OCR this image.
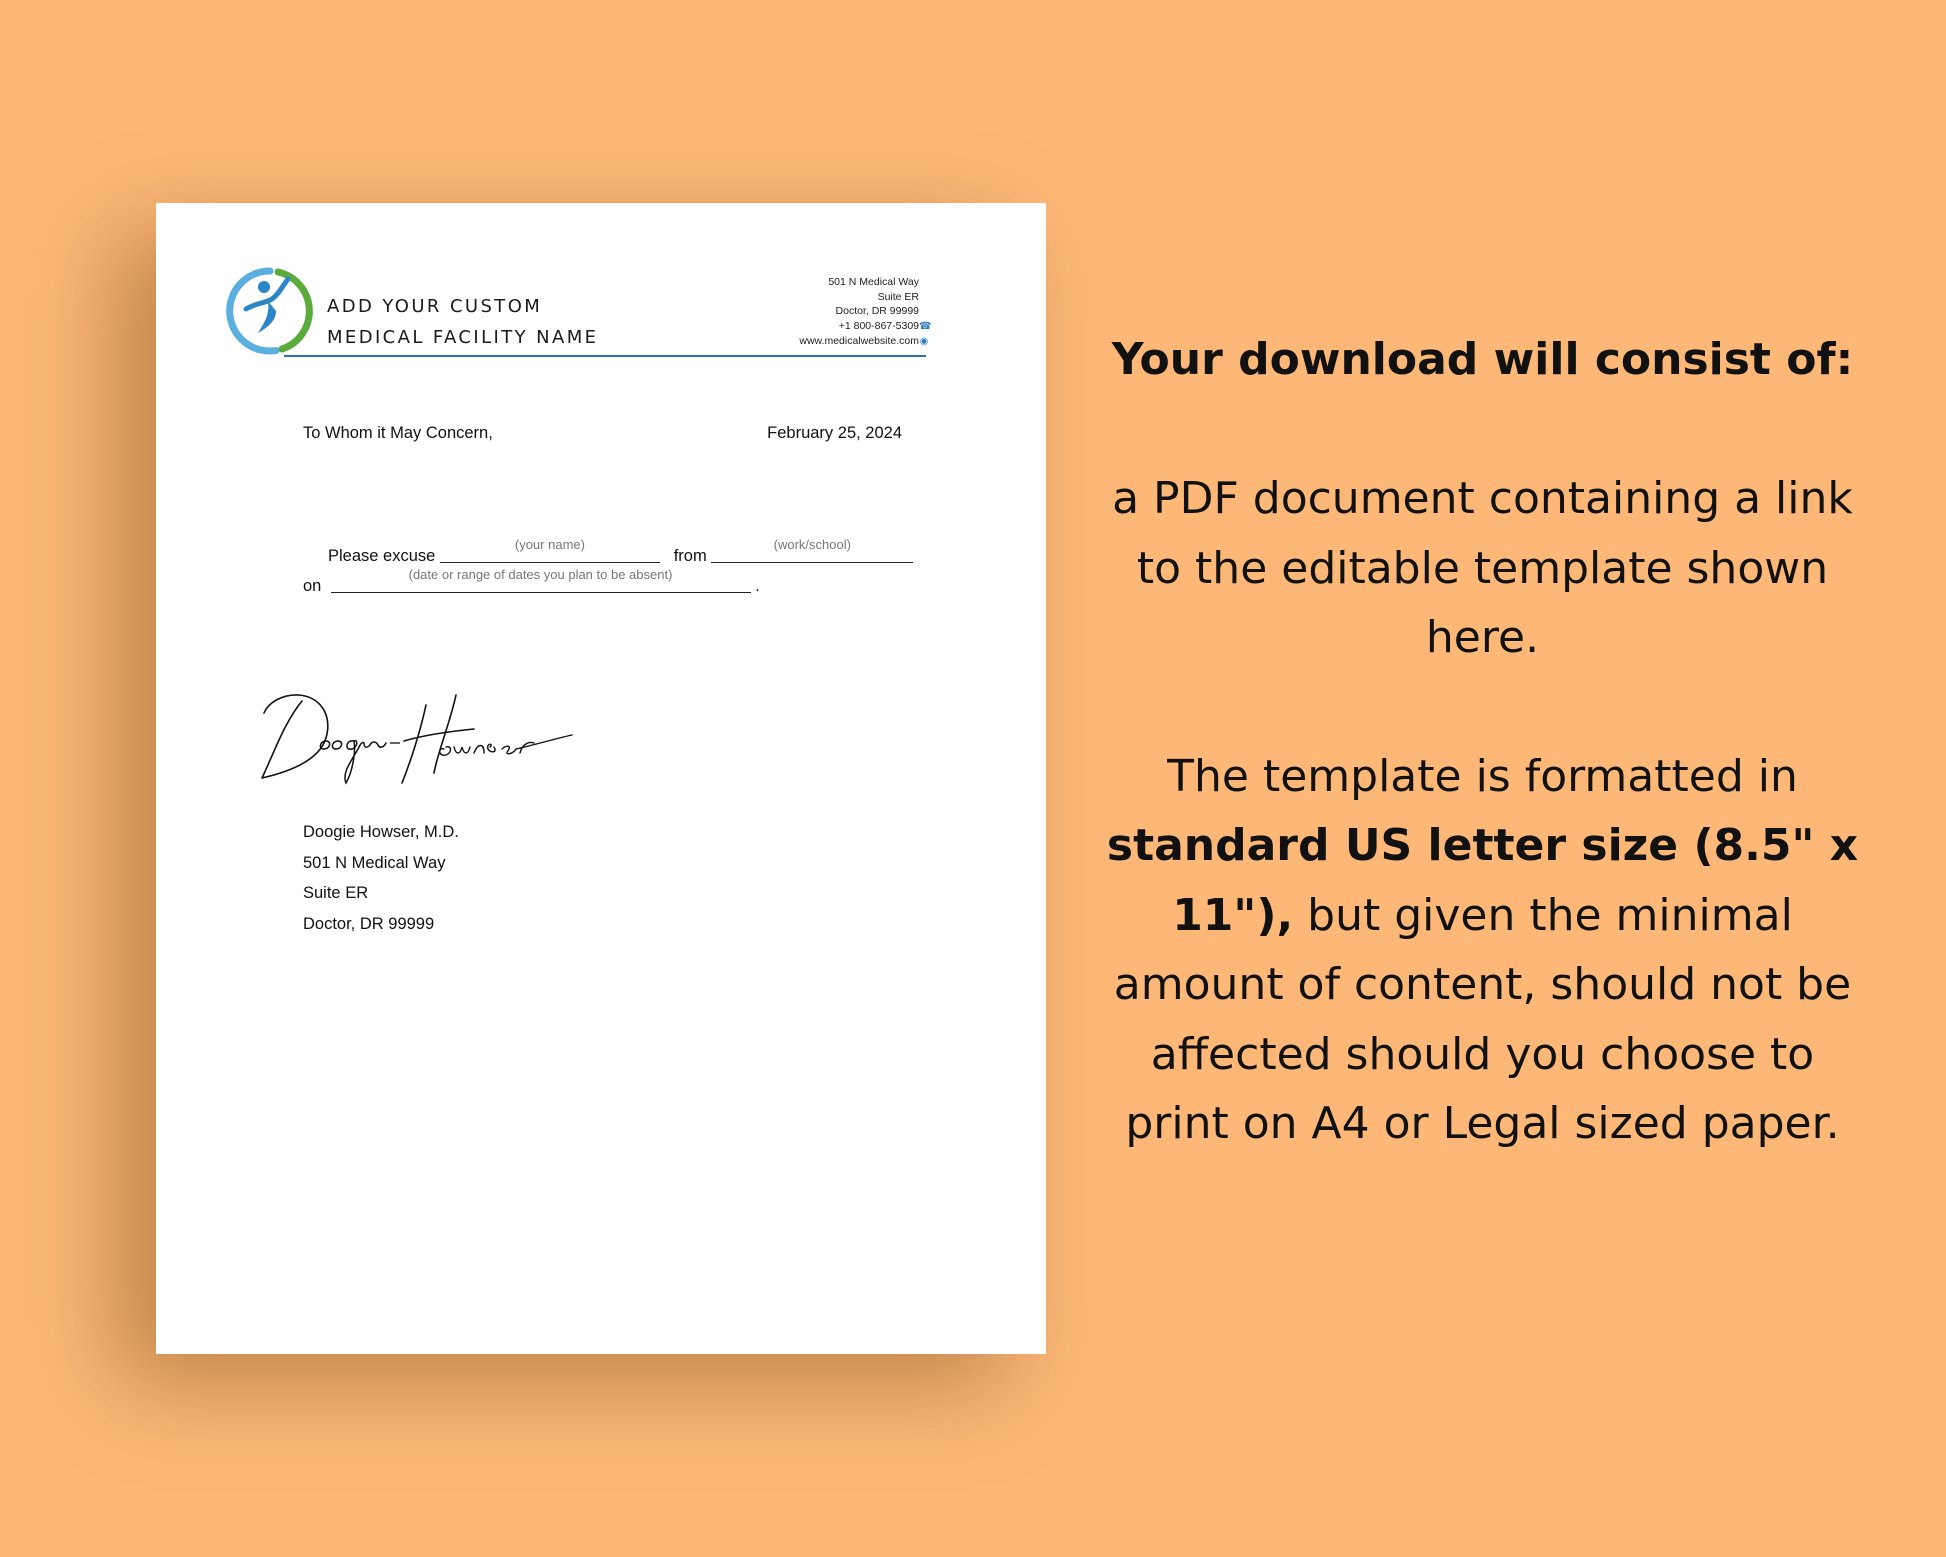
ADD YOUR CUSTOM
MEDICAL FACILITY NAME
501 N Medical Way
Suite ER
Doctor, DR 99999
+1 800-867-5309☎
www.medicalwebsite.com◉
To Whom it May Concern,	February 25, 2024
Please excuse
(your name)
from
(work/school)
on
(date or range of dates you plan to be absent)
.
Doogie Howser, M.D.
501 N Medical Way
Suite ER
Doctor, DR 99999
Your download will consist of:
a PDF document containing a link to the editable template shown here.
The template is formatted in standard US letter size (8.5" x 11"), but given the minimal amount of content, should not be affected should you choose to print on A4 or Legal sized paper.
